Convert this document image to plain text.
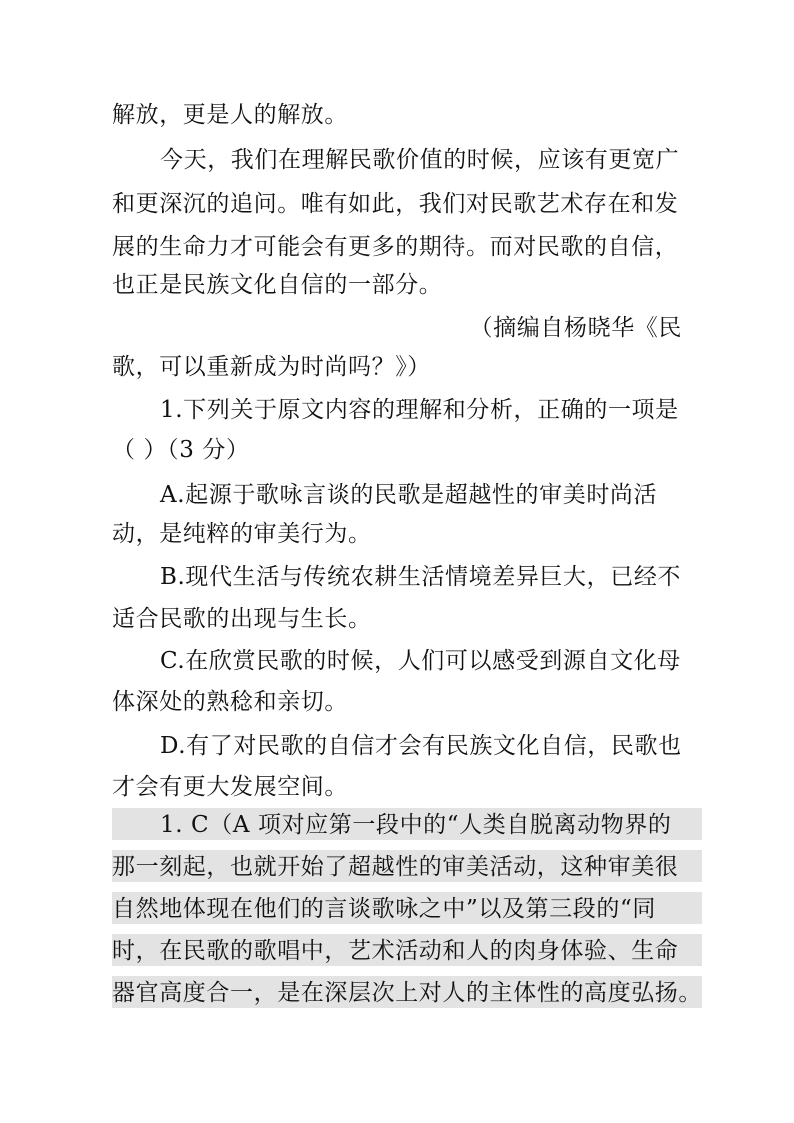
解放，更是人的解放。
今天，我们在理解民歌价值的时候，应该有更宽广
和更深沉的追问。唯有如此，我们对民歌艺术存在和发
展的生命力才可能会有更多的期待。而对民歌的自信，
也正是民族文化自信的一部分。
（摘编自杨晓华《民
歌，可以重新成为时尚吗？》）
1.下列关于原文内容的理解和分析，正确的一项是
（ ）（3 分）
A.起源于歌咏言谈的民歌是超越性的审美时尚活
动，是纯粹的审美行为。
B.现代生活与传统农耕生活情境差异巨大，已经不
适合民歌的出现与生长。
C.在欣赏民歌的时候，人们可以感受到源自文化母
体深处的熟稔和亲切。
D.有了对民歌的自信才会有民族文化自信，民歌也
才会有更大发展空间。
1. C（A 项对应第一段中的“人类自脱离动物界的
那一刻起，也就开始了超越性的审美活动，这种审美很
自然地体现在他们的言谈歌咏之中”以及第三段的“同
时，在民歌的歌唱中，艺术活动和人的肉身体验、生命
器官高度合一，是在深层次上对人的主体性的高度弘扬。
